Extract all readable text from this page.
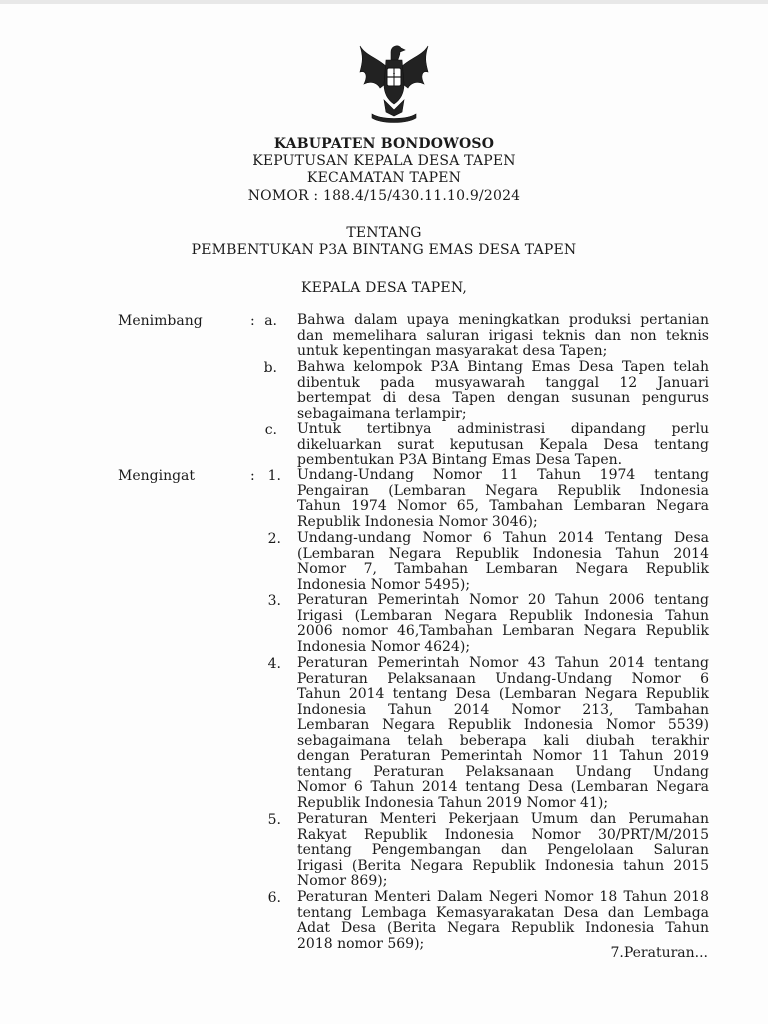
KABUPATEN BONDOWOSO
KEPUTUSAN KEPALA DESA TAPEN
KECAMATAN TAPEN
NOMOR : 188.4/15/430.11.10.9/2024
TENTANG
PEMBENTUKAN P3A BINTANG EMAS DESA TAPEN
KEPALA DESA TAPEN,
Menimbang	: a. Bahwa dalam upaya meningkatkan produksi pertanian
dan memelihara saluran irigasi teknis dan non teknis
untuk kepentingan masyarakat desa Tapen;
b. Bahwa kelompok P3A Bintang Emas Desa Tapen telah
dibentuk pada musyawarah tanggal 12 Januari
bertempat di desa Tapen dengan susunan pengurus
sebagaimana terlampir;
c. Untuk tertibnya administrasi dipandang perlu
dikeluarkan surat keputusan Kepala Desa tentang
pembentukan P3A Bintang Emas Desa Tapen.
Mengingat	: 1. Undang-Undang Nomor 11 Tahun 1974 tentang
Pengairan (Lembaran Negara Republik Indonesia
Tahun 1974 Nomor 65, Tambahan Lembaran Negara
Republik Indonesia Nomor 3046);
2. Undang-undang Nomor 6 Tahun 2014 Tentang Desa
(Lembaran Negara Republik Indonesia Tahun 2014
Nomor 7, Tambahan Lembaran Negara Republik
Indonesia Nomor 5495);
3. Peraturan Pemerintah Nomor 20 Tahun 2006 tentang
Irigasi (Lembaran Negara Republik Indonesia Tahun
2006 nomor 46,Tambahan Lembaran Negara Republik
Indonesia Nomor 4624);
4. Peraturan Pemerintah Nomor 43 Tahun 2014 tentang
Peraturan Pelaksanaan Undang-Undang Nomor 6
Tahun 2014 tentang Desa (Lembaran Negara Republik
Indonesia Tahun 2014 Nomor 213, Tambahan
Lembaran Negara Republik Indonesia Nomor 5539)
sebagaimana telah beberapa kali diubah terakhir
dengan Peraturan Pemerintah Nomor 11 Tahun 2019
tentang Peraturan Pelaksanaan Undang Undang
Nomor 6 Tahun 2014 tentang Desa (Lembaran Negara
Republik Indonesia Tahun 2019 Nomor 41);
5. Peraturan Menteri Pekerjaan Umum dan Perumahan
Rakyat Republik Indonesia Nomor 30/PRT/M/2015
tentang Pengembangan dan Pengelolaan Saluran
Irigasi (Berita Negara Republik Indonesia tahun 2015
Nomor 869);
6. Peraturan Menteri Dalam Negeri Nomor 18 Tahun 2018
tentang Lembaga Kemasyarakatan Desa dan Lembaga
Adat Desa (Berita Negara Republik Indonesia Tahun
2018 nomor 569);
7.Peraturan...
